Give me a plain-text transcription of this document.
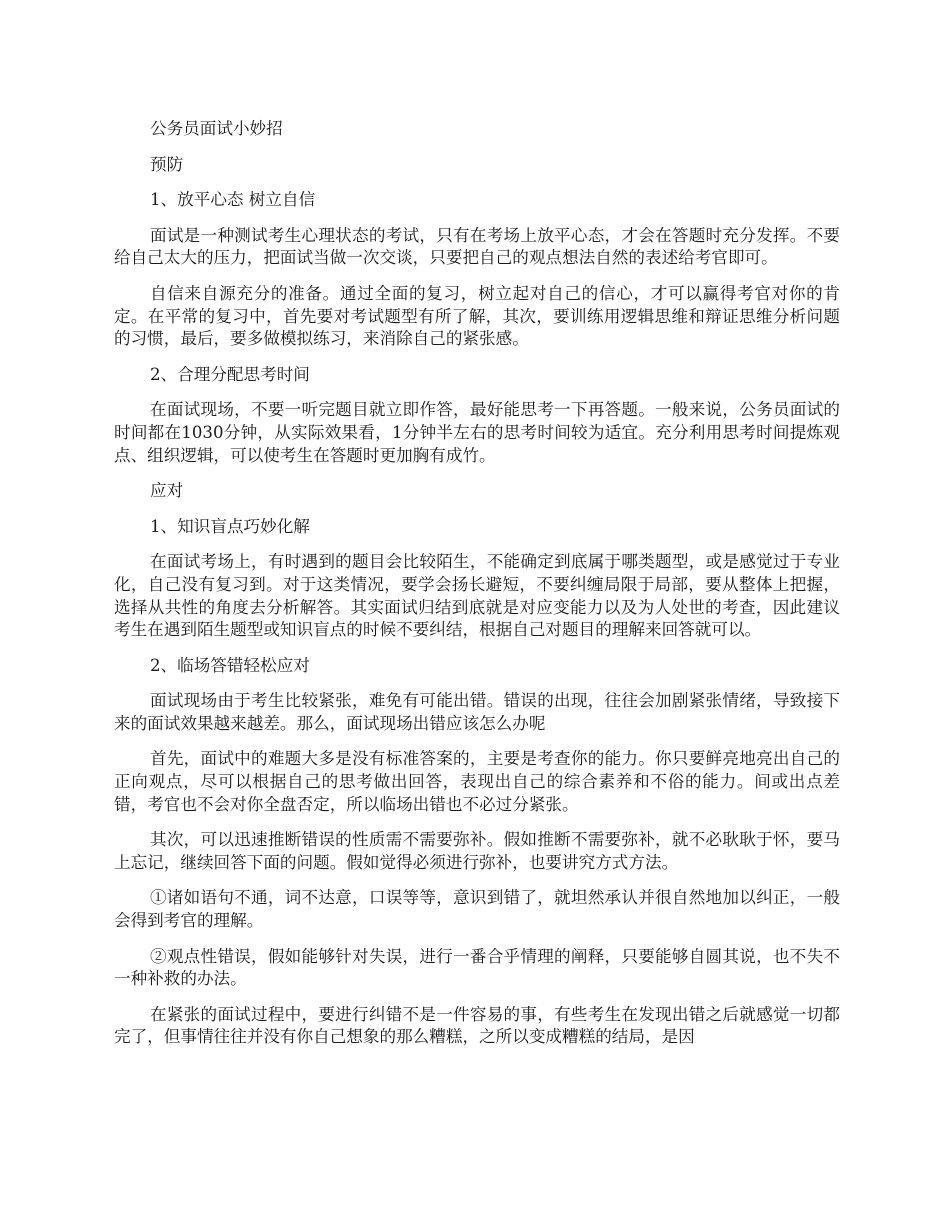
公务员面试小妙招

预防

1、放平心态 树立自信

面试是一种测试考生心理状态的考试，只有在考场上放平心态，才会在答题时充分发挥。不要给自己太大的压力，把面试当做一次交谈，只要把自己的观点想法自然的表述给考官即可。

自信来自源充分的准备。通过全面的复习，树立起对自己的信心，才可以赢得考官对你的肯定。在平常的复习中，首先要对考试题型有所了解，其次，要训练用逻辑思维和辩证思维分析问题的习惯，最后，要多做模拟练习，来消除自己的紧张感。

2、合理分配思考时间

在面试现场，不要一听完题目就立即作答，最好能思考一下再答题。一般来说，公务员面试的时间都在1030分钟，从实际效果看，1分钟半左右的思考时间较为适宜。充分利用思考时间提炼观点、组织逻辑，可以使考生在答题时更加胸有成竹。

应对

1、知识盲点巧妙化解

在面试考场上，有时遇到的题目会比较陌生，不能确定到底属于哪类题型，或是感觉过于专业化，自己没有复习到。对于这类情况，要学会扬长避短，不要纠缠局限于局部，要从整体上把握，选择从共性的角度去分析解答。其实面试归结到底就是对应变能力以及为人处世的考查，因此建议考生在遇到陌生题型或知识盲点的时候不要纠结，根据自己对题目的理解来回答就可以。

2、临场答错轻松应对

面试现场由于考生比较紧张，难免有可能出错。错误的出现，往往会加剧紧张情绪，导致接下来的面试效果越来越差。那么，面试现场出错应该怎么办呢

首先，面试中的难题大多是没有标准答案的，主要是考查你的能力。你只要鲜亮地亮出自己的正向观点，尽可以根据自己的思考做出回答，表现出自己的综合素养和不俗的能力。间或出点差错，考官也不会对你全盘否定，所以临场出错也不必过分紧张。

其次，可以迅速推断错误的性质需不需要弥补。假如推断不需要弥补，就不必耿耿于怀，要马上忘记，继续回答下面的问题。假如觉得必须进行弥补，也要讲究方式方法。

①诸如语句不通，词不达意，口误等等，意识到错了，就坦然承认并很自然地加以纠正，一般会得到考官的理解。

②观点性错误，假如能够针对失误，进行一番合乎情理的阐释，只要能够自圆其说，也不失不一种补救的办法。

在紧张的面试过程中，要进行纠错不是一件容易的事，有些考生在发现出错之后就感觉一切都完了，但事情往往并没有你自己想象的那么糟糕，之所以变成糟糕的结局，是因
